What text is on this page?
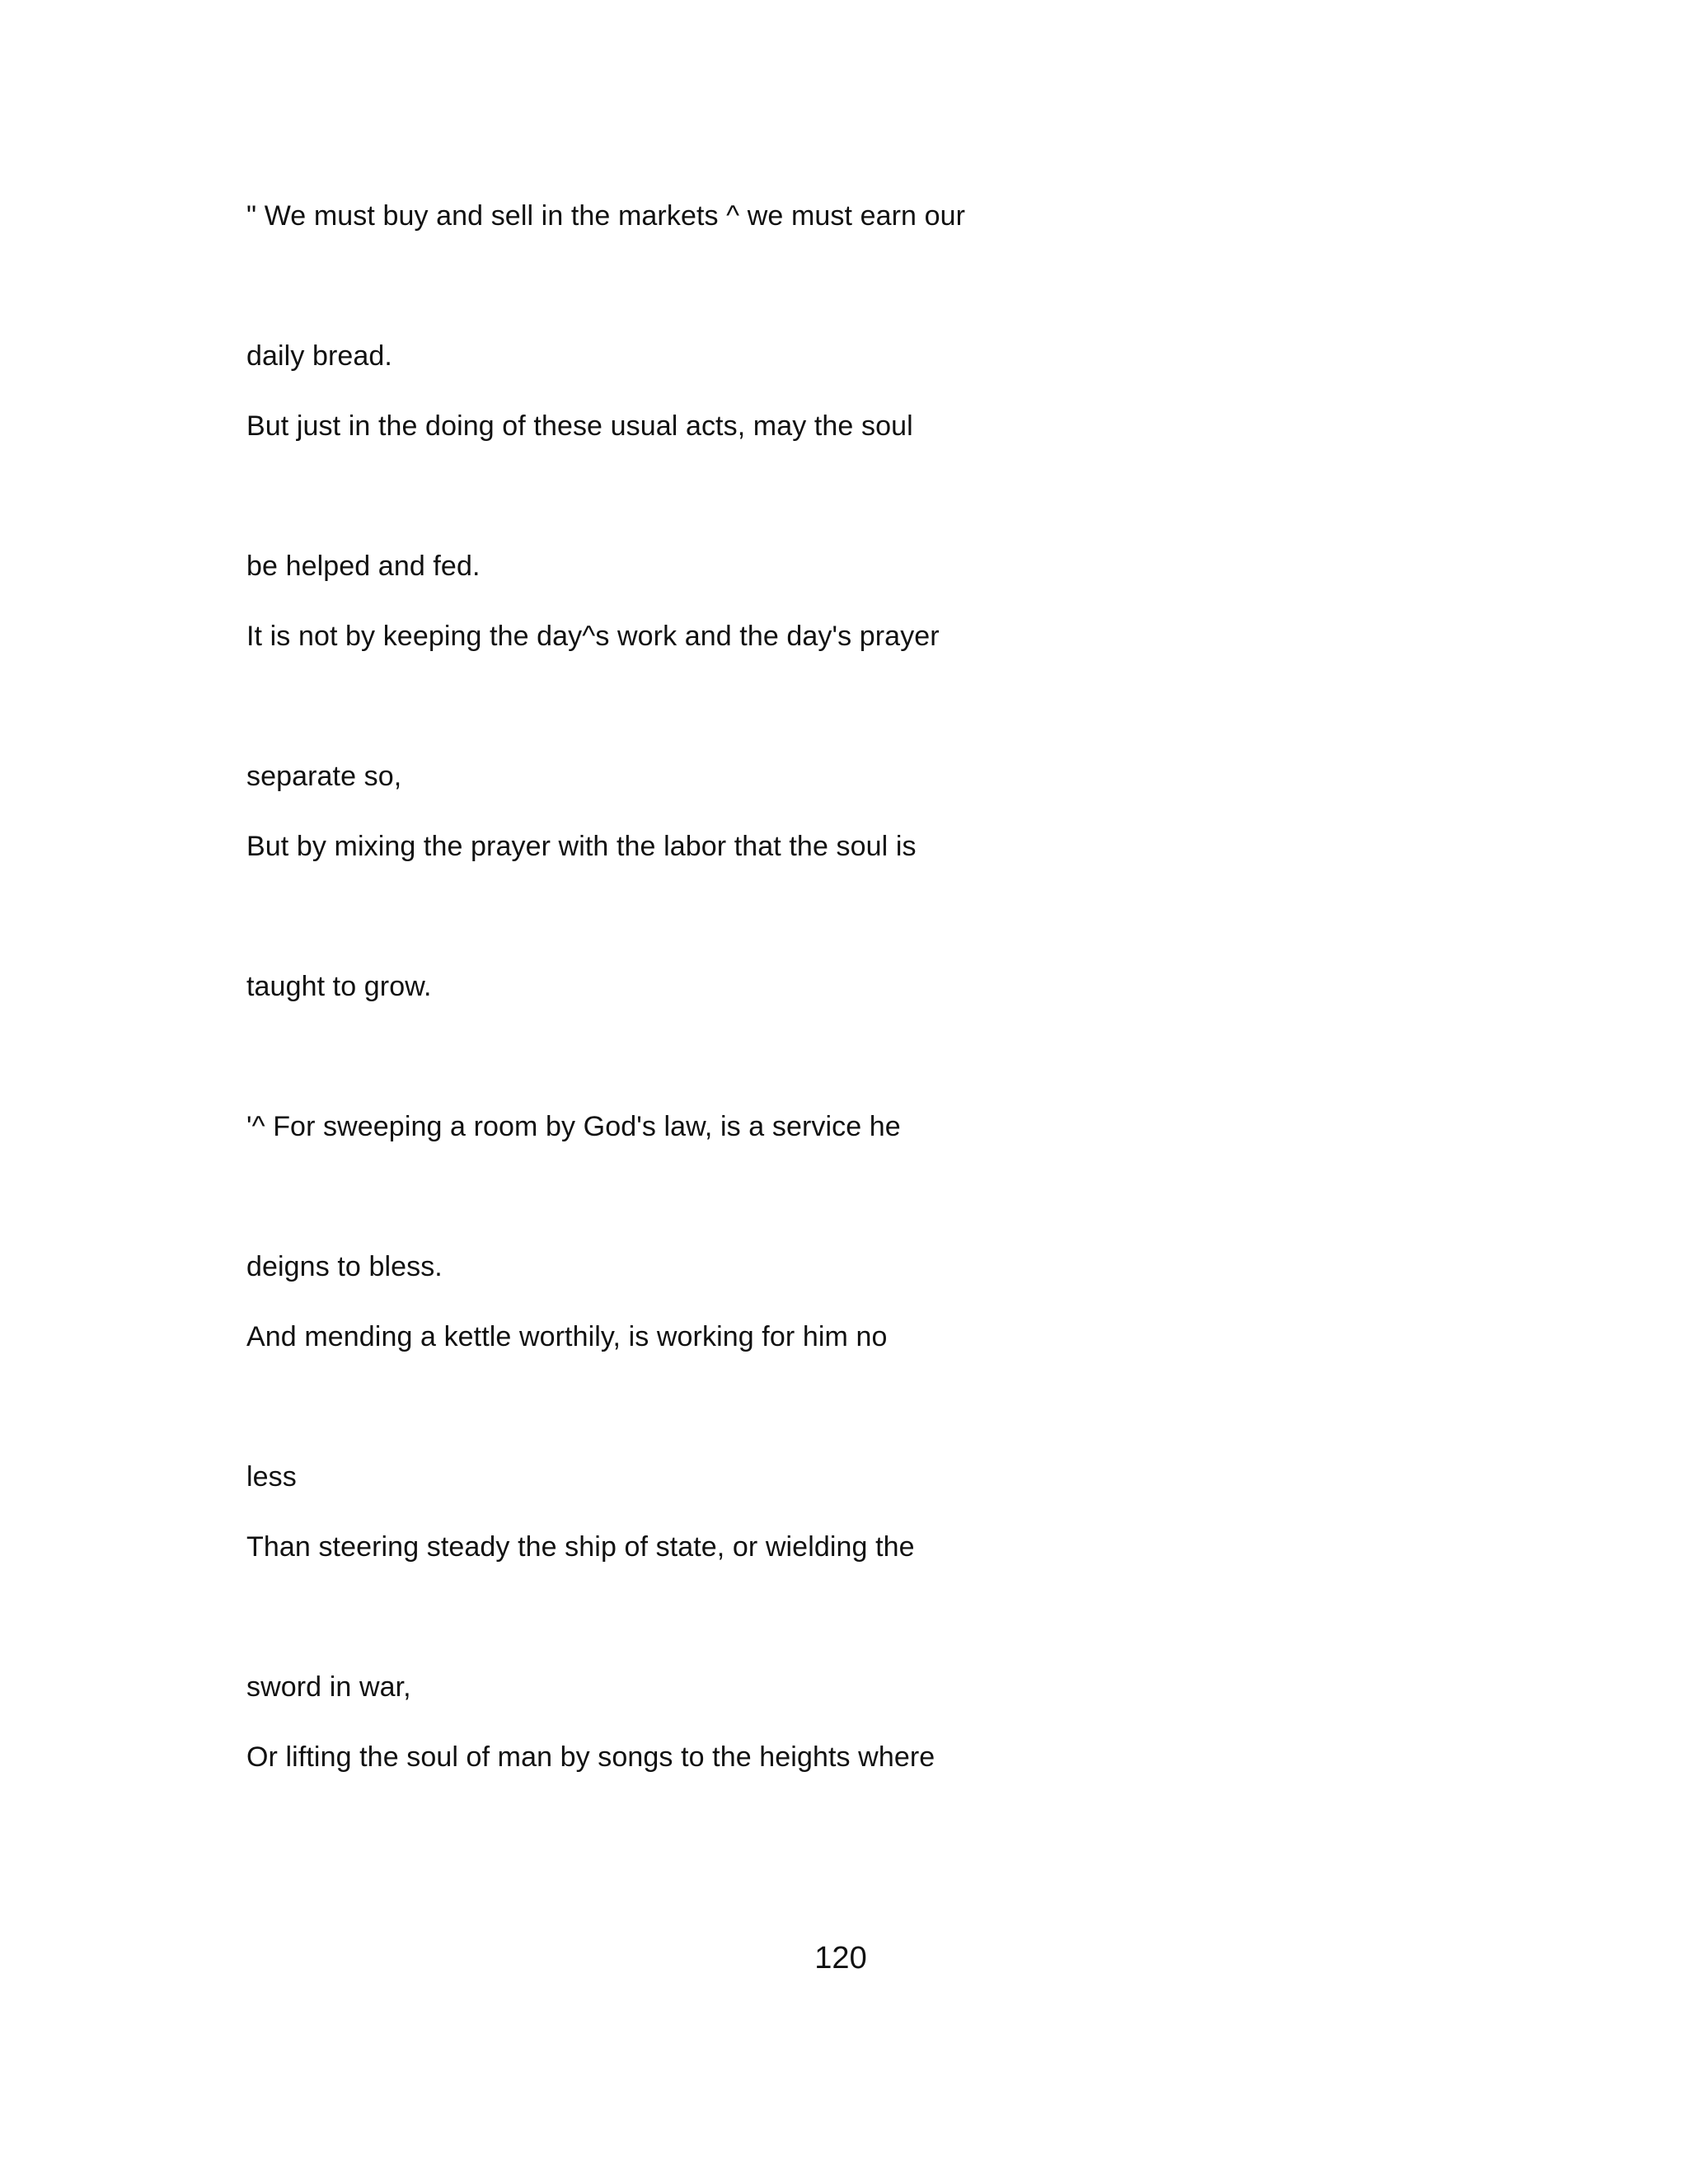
" We must buy and sell in the markets ^ we must earn our
daily bread.
But just in the doing of these usual acts, may the soul
be helped and fed.
It is not by keeping the day^s work and the day's prayer
separate so,
But by mixing the prayer with the labor that the soul is
taught to grow.
'^ For sweeping a room by God's law, is a service he
deigns to bless.
And mending a kettle worthily, is working for him no
less
Than steering steady the ship of state, or wielding the
sword in war,
Or lifting the soul of man by songs to the heights where
120
